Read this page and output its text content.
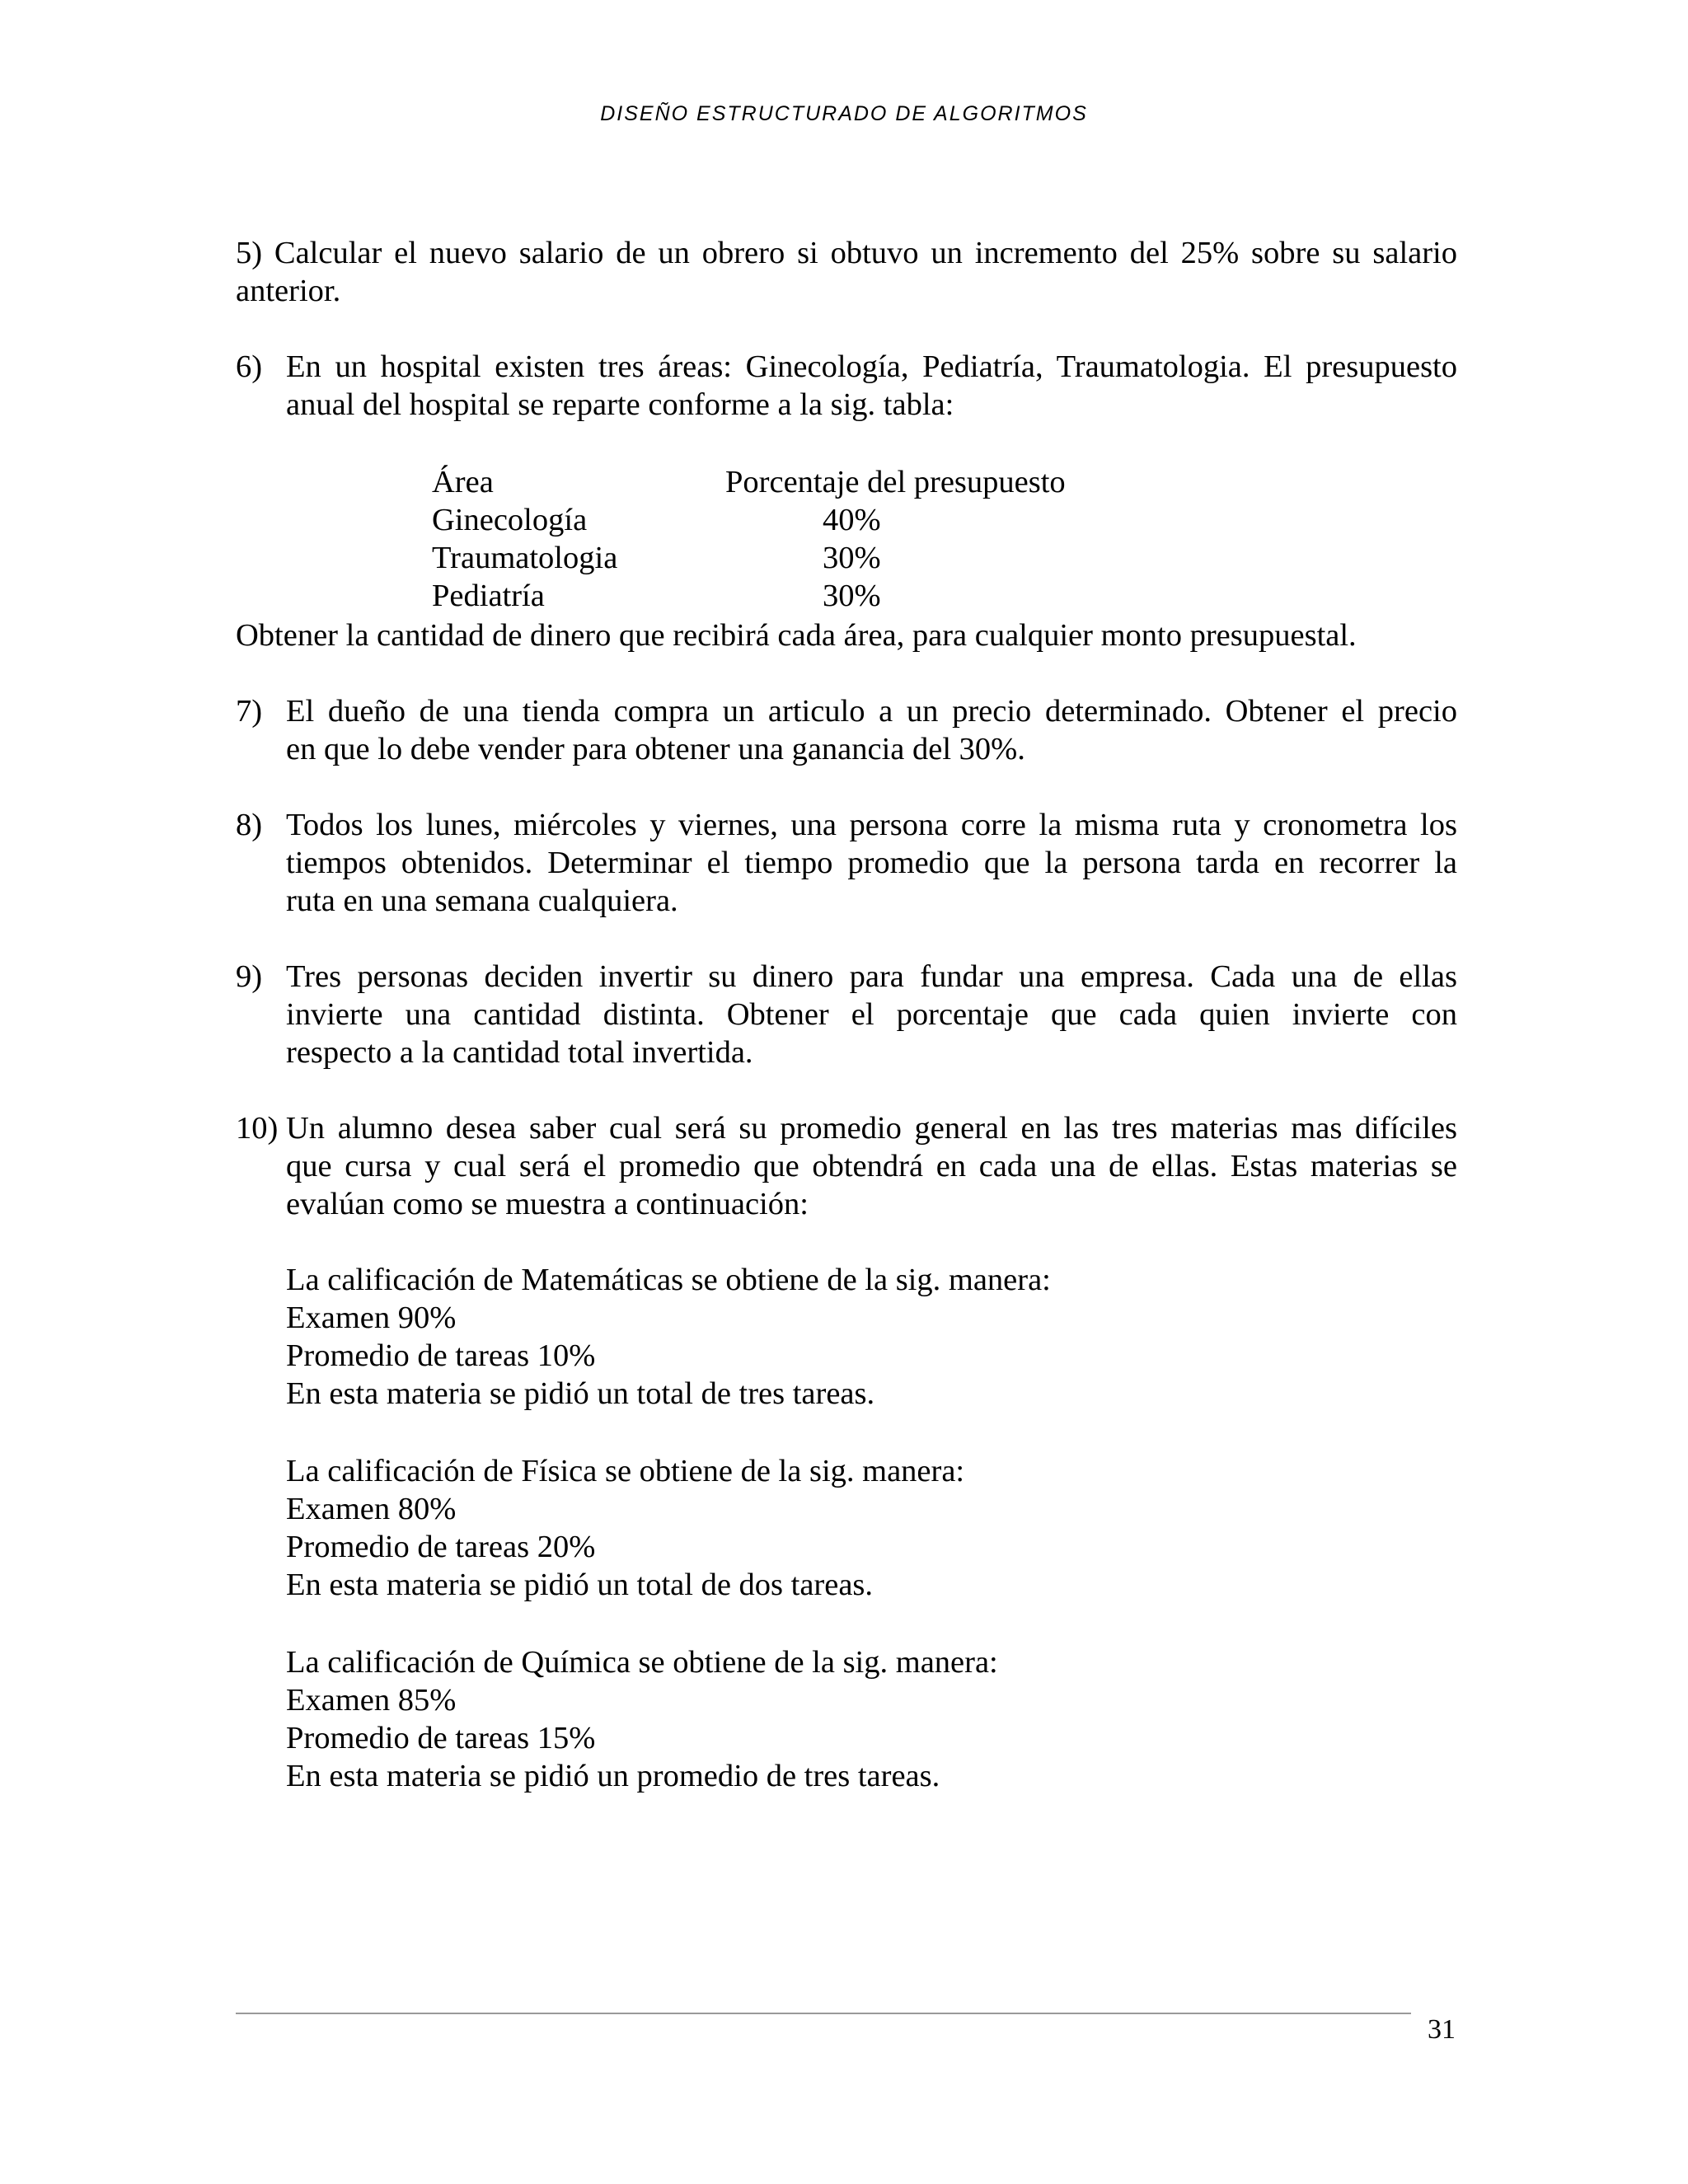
DISEÑO ESTRUCTURADO DE ALGORITMOS
5) Calcular el nuevo salario de un obrero si obtuvo un incremento del 25% sobre su salario
anterior.
6) En un hospital existen tres áreas: Ginecología, Pediatría, Traumatologia. El presupuesto
anual del hospital se reparte conforme a la sig. tabla:
Área	Porcentaje del presupuesto
Ginecología	40%
Traumatologia	30%
Pediatría	30%
Obtener la cantidad de dinero que recibirá cada área, para cualquier monto presupuestal.
7) El dueño de una tienda compra un articulo a un precio determinado. Obtener el precio
en que lo debe vender para obtener una ganancia del 30%.
8) Todos los lunes, miércoles y viernes, una persona corre la misma ruta y cronometra los
tiempos obtenidos. Determinar el tiempo promedio que la persona tarda en recorrer la
ruta en una semana cualquiera.
9) Tres personas deciden invertir su dinero para fundar una empresa. Cada una de ellas
invierte una cantidad distinta. Obtener el porcentaje que cada quien invierte con
respecto a la cantidad total invertida.
10) Un alumno desea saber cual será su promedio general en las tres materias mas difíciles
que cursa y cual será el promedio que obtendrá en cada una de ellas. Estas materias se
evalúan como se muestra a continuación:
La calificación de Matemáticas se obtiene de la sig. manera:
Examen 90%
Promedio de tareas 10%
En esta materia se pidió un total de tres tareas.
La calificación de Física se obtiene de la sig. manera:
Examen 80%
Promedio de tareas 20%
En esta materia se pidió un total de dos tareas.
La calificación de Química se obtiene de la sig. manera:
Examen 85%
Promedio de tareas 15%
En esta materia se pidió un promedio de tres tareas.
31
